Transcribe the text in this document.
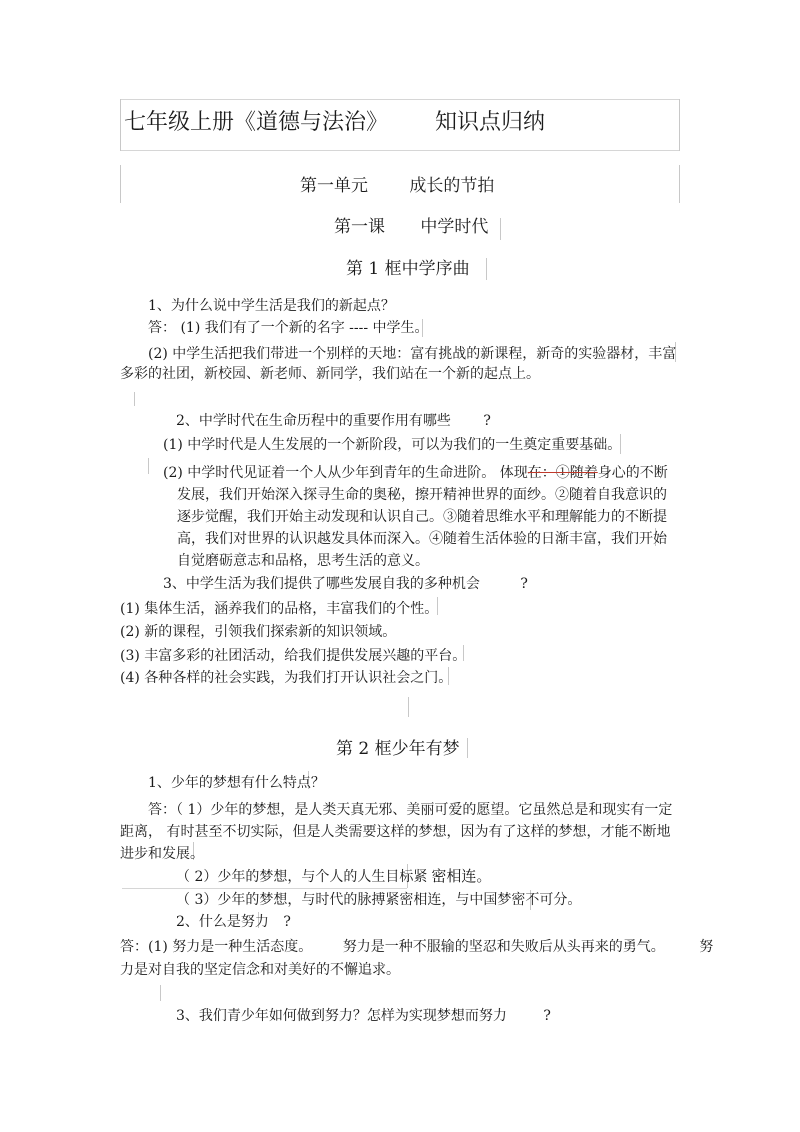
七年级上册《道德与法治》 知识点归纳
第一单元 成长的节拍
第一课 中学时代
第 1 框中学序曲
1、为什么说中学生活是我们的新起点？
答： (1) 我们有了一个新的名字 ---- 中学生。
(2) 中学生活把我们带进一个别样的天地：富有挑战的新课程，新奇的实验器材，丰富
多彩的社团，新校园、新老师、新同学，我们站在一个新的起点上。
2、中学时代在生命历程中的重要作用有哪些 ?
(1) 中学时代是人生发展的一个新阶段，可以为我们的一生奠定重要基础。
(2) 中学时代见证着一个人从少年到青年的生命进阶。 体现在：①随着身心的不断
发展，我们开始深入探寻生命的奥秘，擦开精神世界的面纱。②随着自我意识的
逐步觉醒，我们开始主动发现和认识自己。③随着思维水平和理解能力的不断提
高，我们对世界的认识越发具体而深入。④随着生活体验的日渐丰富，我们开始
自觉磨砺意志和品格，思考生活的意义。
3、中学生活为我们提供了哪些发展自我的多种机会	?
(1) 集体生活，涵养我们的品格，丰富我们的个性。
(2) 新的课程，引领我们探索新的知识领域。
(3) 丰富多彩的社团活动，给我们提供发展兴趣的平台。
(4) 各种各样的社会实践，为我们打开认识社会之门。
第 2 框少年有梦
1、少年的梦想有什么特点？
答：（ 1）少年的梦想，是人类天真无邪、美丽可爱的愿望。它虽然总是和现实有一定
距离， 有时甚至不切实际，但是人类需要这样的梦想，因为有了这样的梦想，才能不断地
进步和发展。
（ 2）少年的梦想，与个人的人生目标紧 密相连。
（ 3）少年的梦想，与时代的脉搏紧密相连，与中国梦密不可分。
2、什么是努力 ?
答：(1) 努力是一种生活态度。 努力是一种不服输的坚忍和失败后从头再来的勇气。 努
力是对自我的坚定信念和对美好的不懈追求。
3、我们青少年如何做到努力？怎样为实现梦想而努力	?
